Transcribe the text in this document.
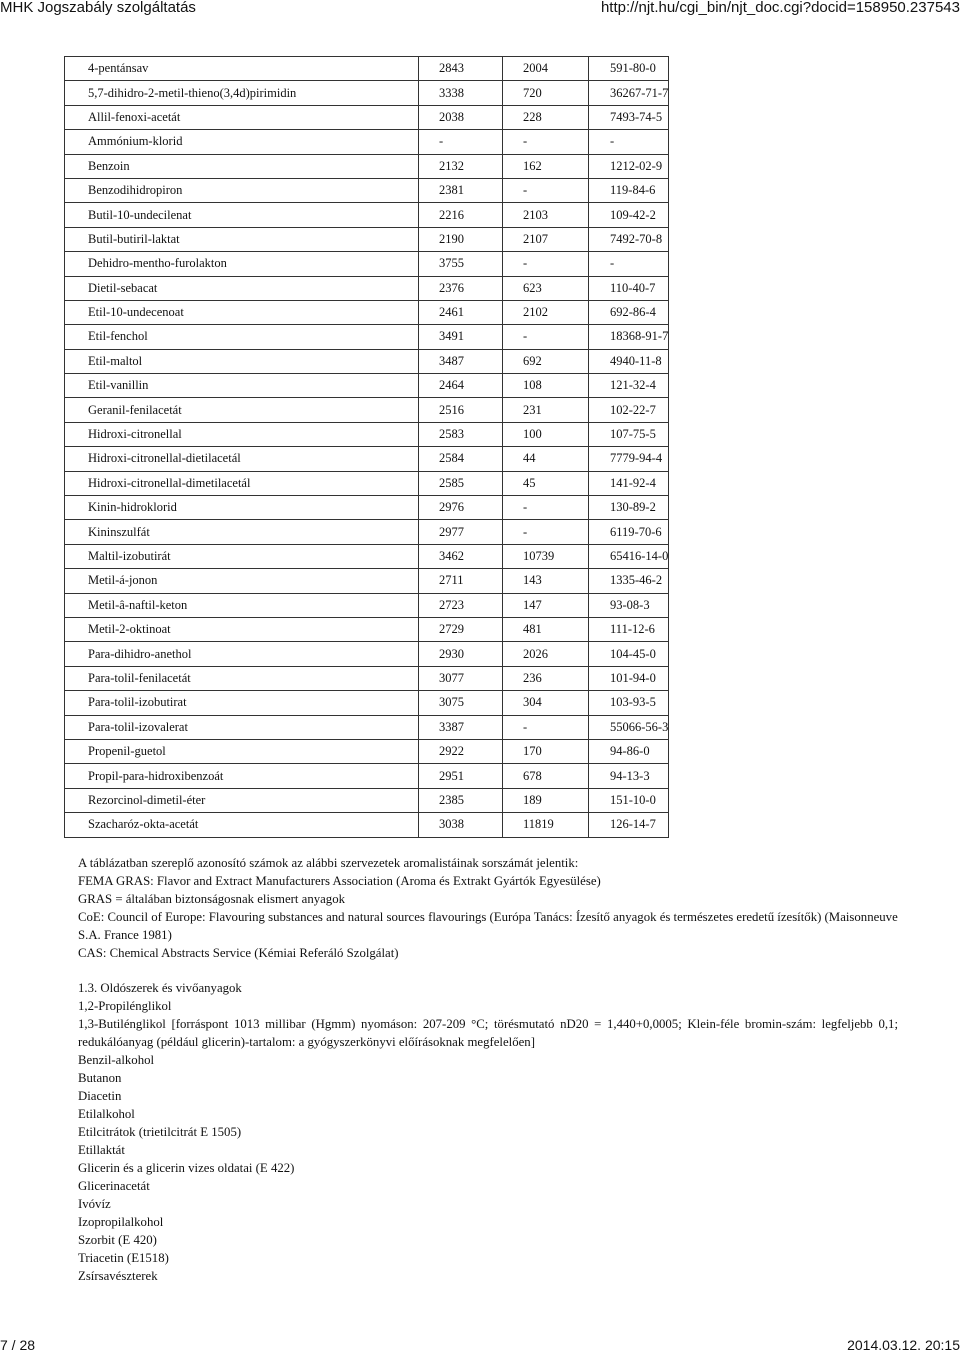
MHK Jogszabály szolgáltatás	http://njt.hu/cgi_bin/njt_doc.cgi?docid=158950.237543
4-pentánsav	2843	2004	591-80-0
5,7-dihidro-2-metil-thieno(3,4d)pirimidin	3338	720	36267-71-7
Allil-fenoxi-acetát	2038	228	7493-74-5
Ammónium-klorid	-	-	-
Benzoin	2132	162	1212-02-9
Benzodihidropiron	2381	-	119-84-6
Butil-10-undecilenat	2216	2103	109-42-2
Butil-butiril-laktat	2190	2107	7492-70-8
Dehidro-mentho-furolakton	3755	-	-
Dietil-sebacat	2376	623	110-40-7
Etil-10-undecenoat	2461	2102	692-86-4
Etil-fenchol	3491	-	18368-91-7
Etil-maltol	3487	692	4940-11-8
Etil-vanillin	2464	108	121-32-4
Geranil-fenilacetát	2516	231	102-22-7
Hidroxi-citronellal	2583	100	107-75-5
Hidroxi-citronellal-dietilacetál	2584	44	7779-94-4
Hidroxi-citronellal-dimetilacetál	2585	45	141-92-4
Kinin-hidroklorid	2976	-	130-89-2
Kininszulfát	2977	-	6119-70-6
Maltil-izobutirát	3462	10739	65416-14-0
Metil-á-jonon	2711	143	1335-46-2
Metil-â-naftil-keton	2723	147	93-08-3
Metil-2-oktinoat	2729	481	111-12-6
Para-dihidro-anethol	2930	2026	104-45-0
Para-tolil-fenilacetát	3077	236	101-94-0
Para-tolil-izobutirat	3075	304	103-93-5
Para-tolil-izovalerat	3387	-	55066-56-3
Propenil-guetol	2922	170	94-86-0
Propil-para-hidroxibenzoát	2951	678	94-13-3
Rezorcinol-dimetil-éter	2385	189	151-10-0
Szacharóz-okta-acetát	3038	11819	126-14-7

A táblázatban szereplő azonosító számok az alábbi szervezetek aromalistáinak sorszámát jelentik:

FEMA GRAS: Flavor and Extract Manufacturers Association (Aroma és Extrakt Gyártók Egyesülése)

GRAS = általában biztonságosnak elismert anyagok

CoE: Council of Europe: Flavouring substances and natural sources flavourings (Európa Tanács: Ízesítő anyagok és természetes eredetű ízesítők) (Maisonneuve S.A. France 1981)

CAS: Chemical Abstracts Service (Kémiai Referáló Szolgálat)

1.3. Oldószerek és vivőanyagok

1,2-Propilénglikol

1,3-Butilénglikol [forráspont 1013 millibar (Hgmm) nyomáson: 207-209 °C; törésmutató nD20 = 1,440+0,0005; Klein-féle bromin-szám: legfeljebb 0,1; redukálóanyag (például glicerin)-tartalom: a gyógyszerkönyvi előírásoknak megfelelően]

Benzil-alkohol

Butanon

Diacetin

Etilalkohol

Etilcitrátok (trietilcitrát E 1505)

Etillaktát

Glicerin és a glicerin vizes oldatai (E 422)

Glicerinacetát

Ivóvíz

Izopropilalkohol

Szorbit (E 420)

Triacetin (E1518)

Zsírsavészterek

7 / 28	2014.03.12. 20:15
